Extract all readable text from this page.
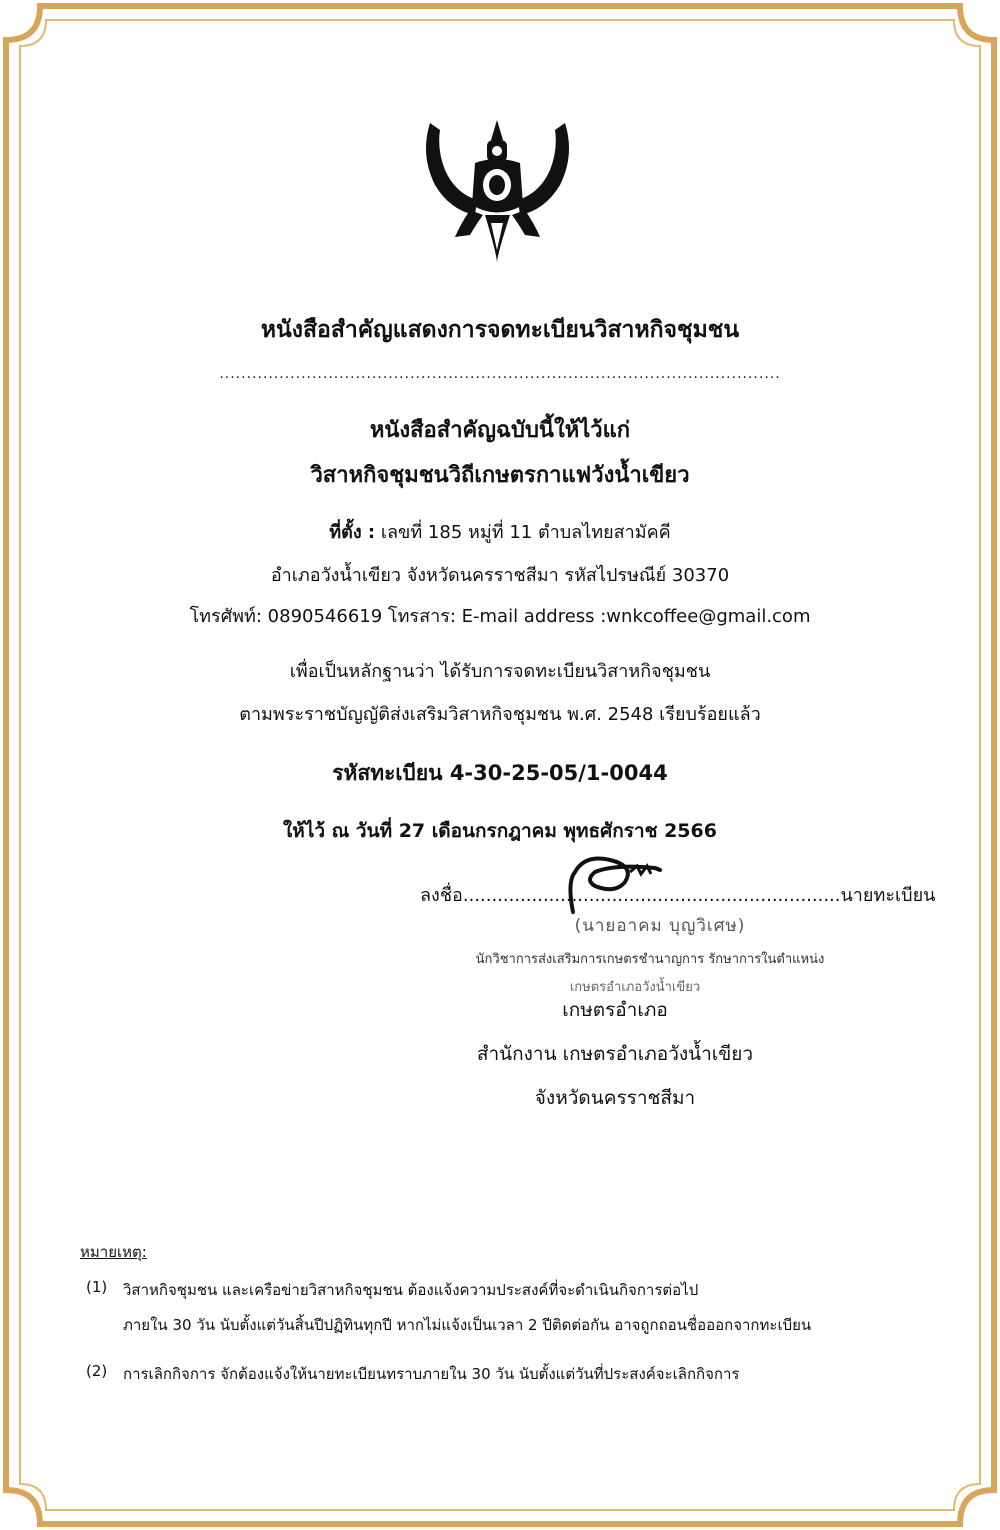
หนังสือสำคัญแสดงการจดทะเบียนวิสาหกิจชุมชน
.......................................................................................................
หนังสือสำคัญฉบับนี้ให้ไว้แก่
วิสาหกิจชุมชนวิถีเกษตรกาแฟวังน้ำเขียว
ที่ตั้ง : เลขที่ 185 หมู่ที่ 11 ตำบลไทยสามัคคี
อำเภอวังน้ำเขียว จังหวัดนครราชสีมา รหัสไปรษณีย์ 30370
โทรศัพท์: 0890546619 โทรสาร: E-mail address :wnkcoffee@gmail.com
เพื่อเป็นหลักฐานว่า ได้รับการจดทะเบียนวิสาหกิจชุมชน
ตามพระราชบัญญัติส่งเสริมวิสาหกิจชุมชน พ.ศ. 2548 เรียบร้อยแล้ว
รหัสทะเบียน 4-30-25-05/1-0044
ให้ไว้ ณ วันที่ 27 เดือนกรกฎาคม พุทธศักราช 2566
ลงชื่อ..................................................................นายทะเบียน
(นายอาคม บุญวิเศษ)
นักวิชาการส่งเสริมการเกษตรชำนาญการ รักษาการในตำแหน่ง
เกษตรอำเภอวังน้ำเขียว
เกษตรอำเภอ
สำนักงาน เกษตรอำเภอวังน้ำเขียว
จังหวัดนครราชสีมา
หมายเหตุ:
(1) วิสาหกิจชุมชน และเครือข่ายวิสาหกิจชุมชน ต้องแจ้งความประสงค์ที่จะดำเนินกิจการต่อไป
ภายใน 30 วัน นับตั้งแต่วันสิ้นปีปฏิทินทุกปี หากไม่แจ้งเป็นเวลา 2 ปีติดต่อกัน อาจถูกถอนชื่อออกจากทะเบียน
(2) การเลิกกิจการ จักต้องแจ้งให้นายทะเบียนทราบภายใน 30 วัน นับตั้งแต่วันที่ประสงค์จะเลิกกิจการ
